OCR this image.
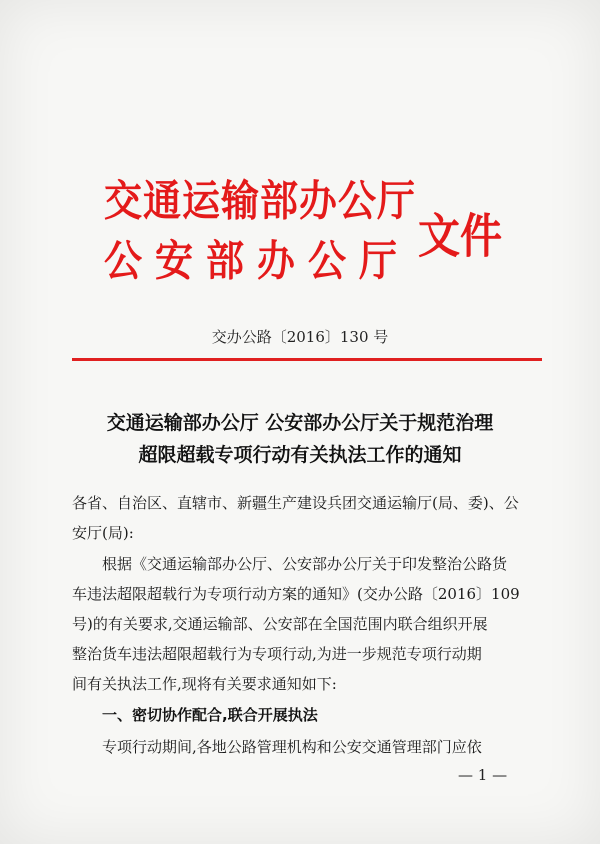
交通运输部办公厅
公安部办公厅 文件
交办公路〔2016〕130 号
交通运输部办公厅 公安部办公厅关于规范治理
超限超载专项行动有关执法工作的通知
各省、自治区、直辖市、新疆生产建设兵团交通运输厅(局、委)、公
安厅(局):
根据《交通运输部办公厅、公安部办公厅关于印发整治公路货
车违法超限超载行为专项行动方案的通知》(交办公路〔2016〕109
号)的有关要求,交通运输部、公安部在全国范围内联合组织开展
整治货车违法超限超载行为专项行动,为进一步规范专项行动期
间有关执法工作,现将有关要求通知如下:
一、密切协作配合,联合开展执法
专项行动期间,各地公路管理机构和公安交通管理部门应依
— 1 —
